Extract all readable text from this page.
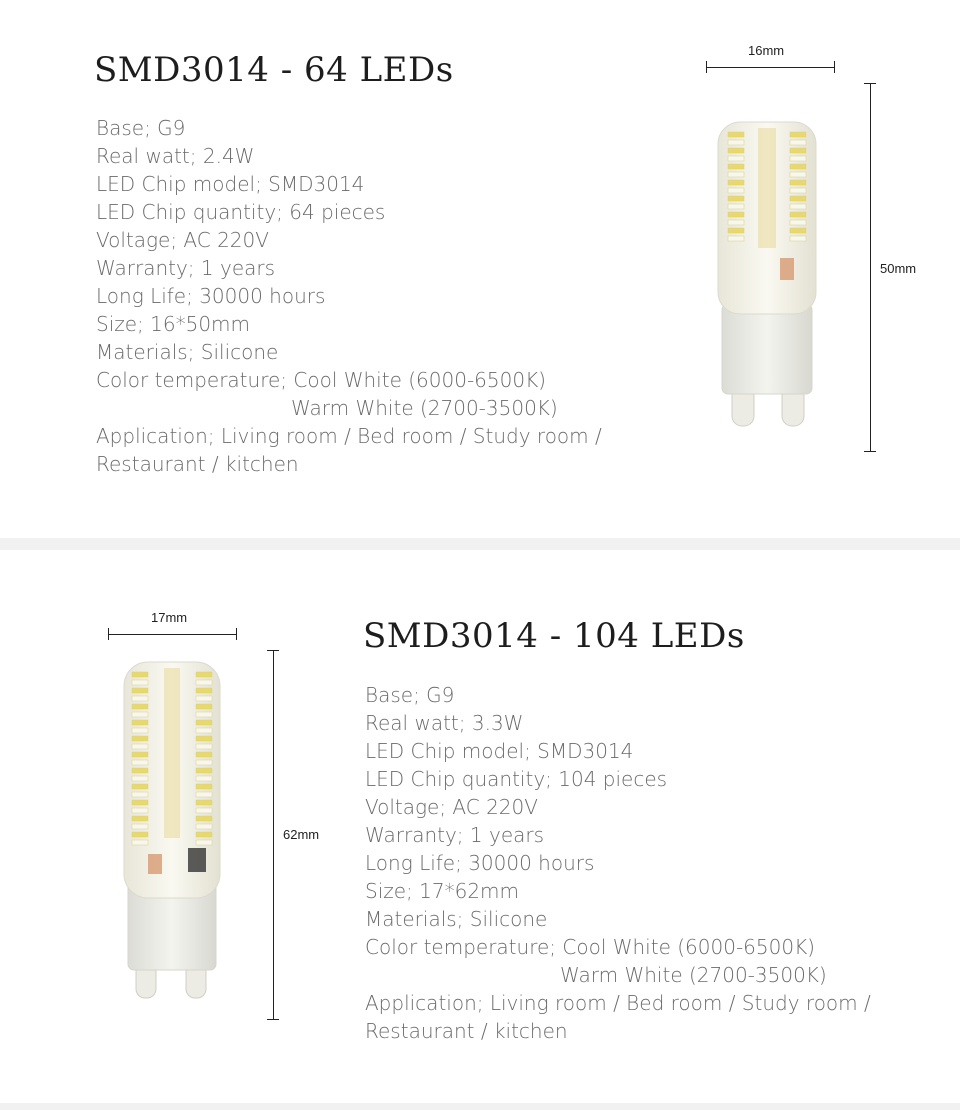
SMD3014 - 64 LEDs
Base; G9
Real watt; 2.4W
LED Chip model; SMD3014
LED Chip quantity; 64 pieces
Voltage; AC 220V
Warranty; 1 years
Long Life; 30000 hours
Size; 16*50mm
Materials; Silicone
Color temperature; Cool White (6000-6500K)
Warm White (2700-3500K)
Application; Living room / Bed room / Study room /
Restaurant / kitchen
16mm
50mm
SMD3014 - 104 LEDs
Base; G9
Real watt; 3.3W
LED Chip model; SMD3014
LED Chip quantity; 104 pieces
Voltage; AC 220V
Warranty; 1 years
Long Life; 30000 hours
Size; 17*62mm
Materials; Silicone
Color temperature; Cool White (6000-6500K)
Warm White (2700-3500K)
Application; Living room / Bed room / Study room /
Restaurant / kitchen
17mm
62mm
